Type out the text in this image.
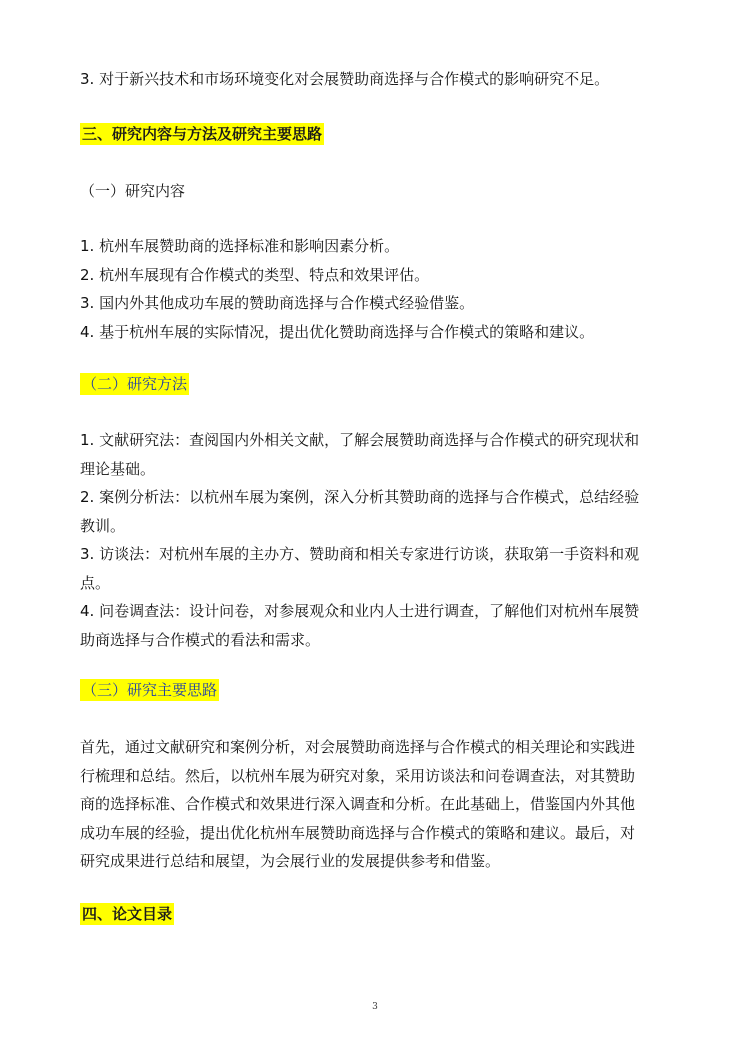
3. 对于新兴技术和市场环境变化对会展赞助商选择与合作模式的影响研究不足。
三、研究内容与方法及研究主要思路
（一）研究内容
1. 杭州车展赞助商的选择标准和影响因素分析。
2. 杭州车展现有合作模式的类型、特点和效果评估。
3. 国内外其他成功车展的赞助商选择与合作模式经验借鉴。
4. 基于杭州车展的实际情况，提出优化赞助商选择与合作模式的策略和建议。
（二）研究方法
1. 文献研究法：查阅国内外相关文献，了解会展赞助商选择与合作模式的研究现状和
理论基础。
2. 案例分析法：以杭州车展为案例，深入分析其赞助商的选择与合作模式，总结经验
教训。
3. 访谈法：对杭州车展的主办方、赞助商和相关专家进行访谈，获取第一手资料和观
点。
4. 问卷调查法：设计问卷，对参展观众和业内人士进行调查，了解他们对杭州车展赞
助商选择与合作模式的看法和需求。
（三）研究主要思路
首先，通过文献研究和案例分析，对会展赞助商选择与合作模式的相关理论和实践进
行梳理和总结。然后，以杭州车展为研究对象，采用访谈法和问卷调查法，对其赞助
商的选择标准、合作模式和效果进行深入调查和分析。在此基础上，借鉴国内外其他
成功车展的经验，提出优化杭州车展赞助商选择与合作模式的策略和建议。最后，对
研究成果进行总结和展望，为会展行业的发展提供参考和借鉴。
四、论文目录
3
